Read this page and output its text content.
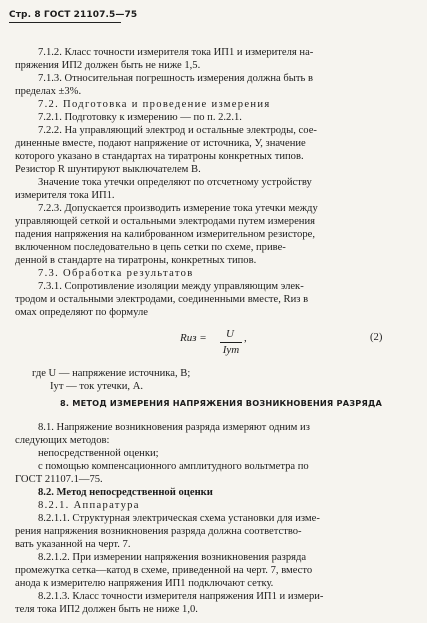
Стр. 8 ГОСТ 21107.5—75
7.1.2. Класс точности измерителя тока ИП1 и измерителя на-
пряжения ИП2 должен быть не ниже 1,5.
7.1.3. Относительная погрешность измерения должна быть в
пределах ±3%.
7.2. Подготовка и проведение измерения
7.2.1. Подготовку к измерению — по п. 2.2.1.
7.2.2. На управляющий электрод и остальные электроды, сое-
диненные вместе, подают напряжение от источника, У, значение
которого указано в стандартах на тиратроны конкретных типов.
Резистор R шунтируют выключателем В.
Значение тока утечки определяют по отсчетному устройству
измерителя тока ИП1.
7.2.3. Допускается производить измерение тока утечки между
управляющей сеткой и остальными электродами путем измерения
падения напряжения на калиброванном измерительном резисторе,
включенном последовательно в цепь сетки по схеме, приве-
денной в стандарте на тиратроны, конкретных типов.
7.3. Обработка результатов
7.3.1. Сопротивление изоляции между управляющим элек-
тродом и остальными электродами, соединенными вместе, Rиз в
омах определяют по формуле
Rиз =	U
Iут
,	(2)
где U — напряжение источника, В;
Iут — ток утечки, А.
8. МЕТОД ИЗМЕРЕНИЯ НАПРЯЖЕНИЯ ВОЗНИКНОВЕНИЯ РАЗРЯДА
8.1. Напряжение возникновения разряда измеряют одним из
следующих методов:
непосредственной оценки;
с помощью компенсационного амплитудного вольтметра по
ГОСТ 21107.1—75.
8.2. Метод непосредственной оценки
8.2.1. Аппаратура
8.2.1.1. Структурная электрическая схема установки для изме-
рения напряжения возникновения разряда должна соответство-
вать указанной на черт. 7.
8.2.1.2. При измерении напряжения возникновения разряда
промежутка сетка—катод в схеме, приведенной на черт. 7, вместо
анода к измерителю напряжения ИП1 подключают сетку.
8.2.1.3. Класс точности измерителя напряжения ИП1 и измери-
теля тока ИП2 должен быть не ниже 1,0.
